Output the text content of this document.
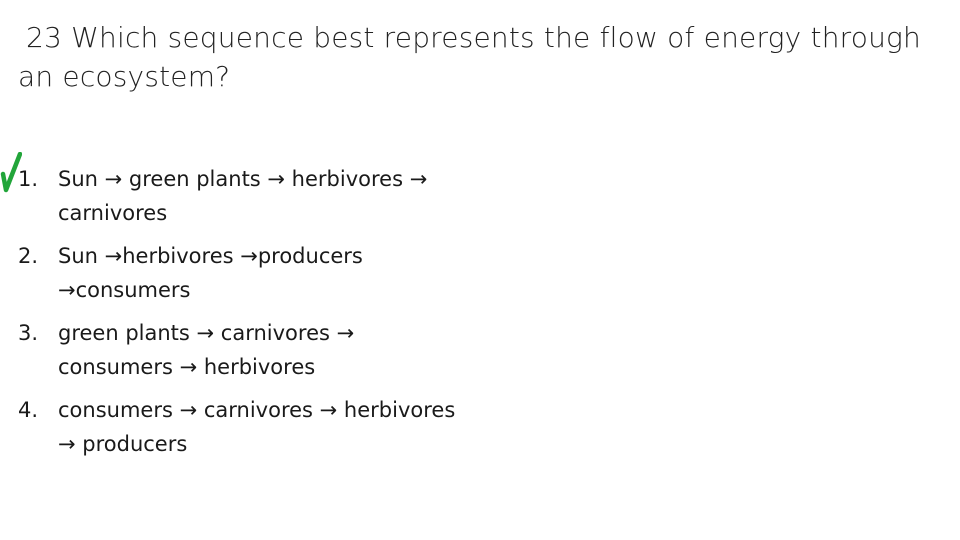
23 Which sequence best represents the flow of energy through an ecosystem?
1. Sun → green plants → herbivores → carnivores
2. Sun →herbivores →producers →consumers
3. green plants → carnivores → consumers → herbivores
4. consumers → carnivores → herbivores → producers
